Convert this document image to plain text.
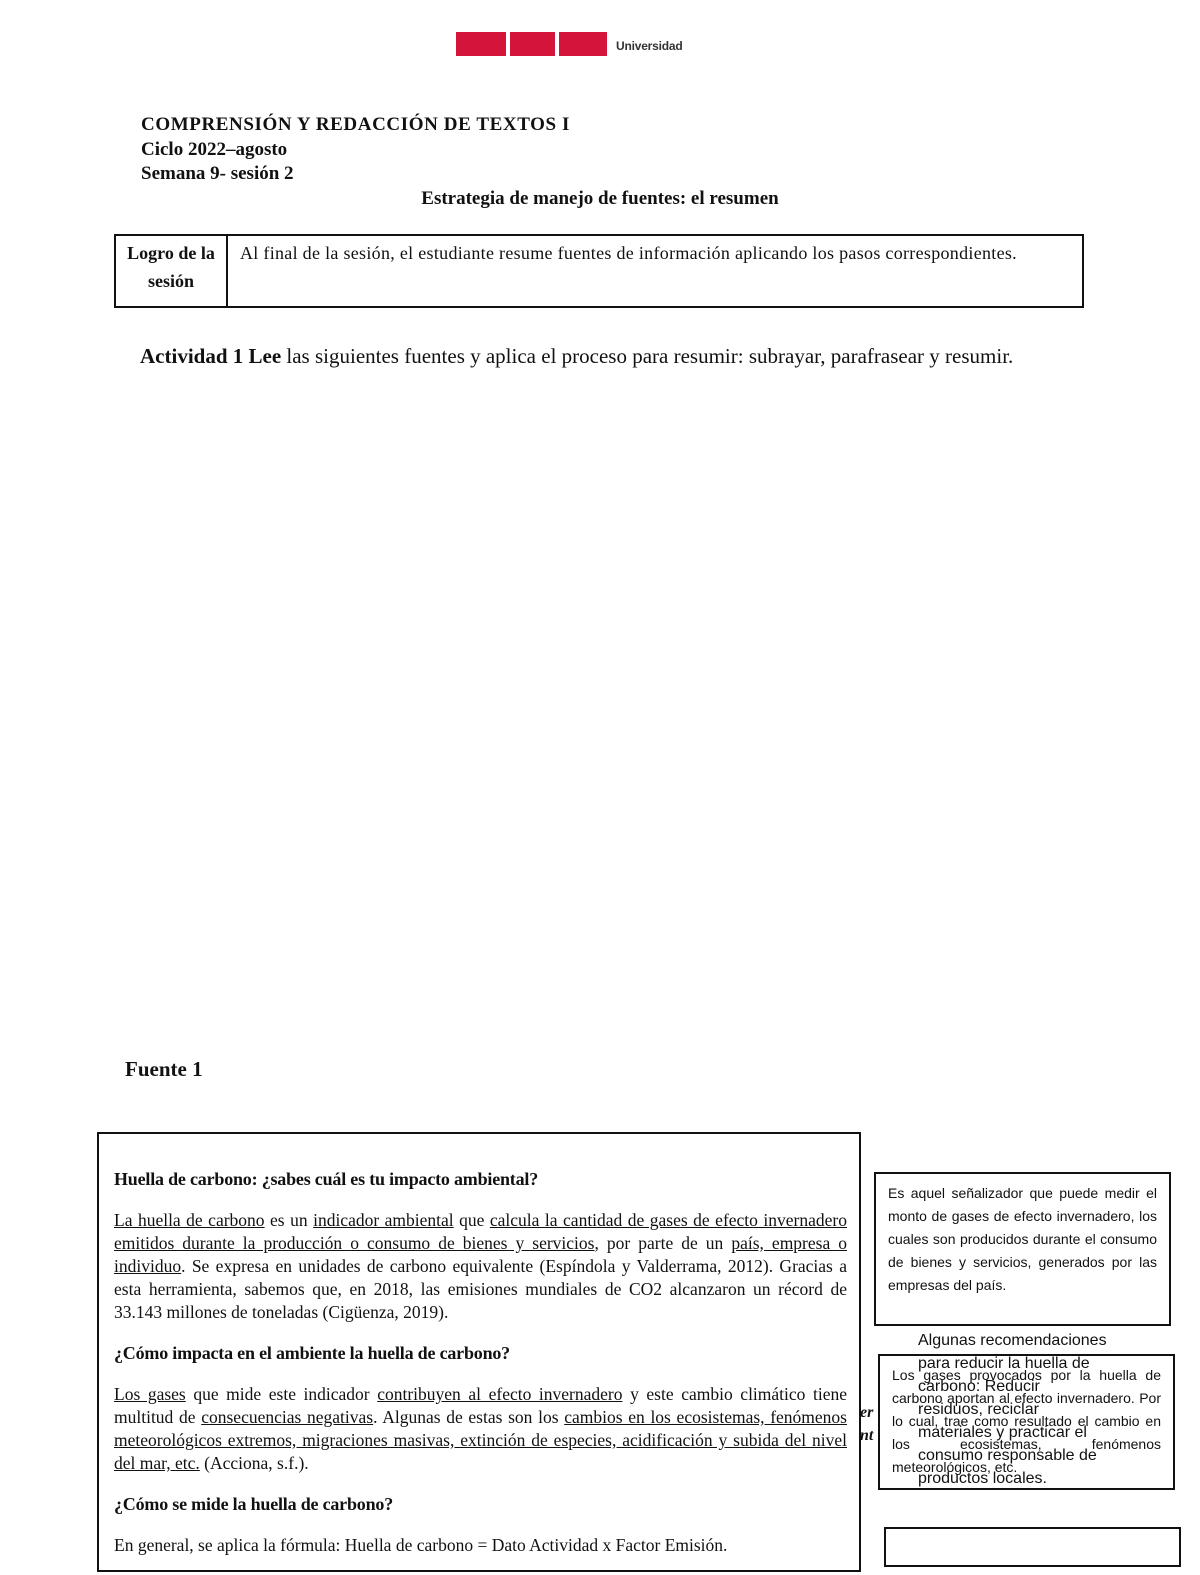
Universidad
COMPRENSIÓN Y REDACCIÓN DE TEXTOS I
Ciclo 2022–agosto
Semana 9- sesión 2
Estrategia de manejo de fuentes: el resumen
Logro de la sesión
Al final de la sesión, el estudiante resume fuentes de información aplicando los pasos correspondientes.
Actividad 1 Lee las siguientes fuentes y aplica el proceso para resumir: subrayar, parafrasear y resumir.
Fuente 1
Huella de carbono: ¿sabes cuál es tu impacto ambiental?

La huella de carbono es un indicador ambiental que calcula la cantidad de gases de efecto invernadero emitidos durante la producción o consumo de bienes y servicios, por parte de un país, empresa o individuo. Se expresa en unidades de carbono equivalente (Espíndola y Valderrama, 2012). Gracias a esta herramienta, sabemos que, en 2018, las emisiones mundiales de CO2 alcanzaron un récord de 33.143 millones de toneladas (Cigüenza, 2019).

¿Cómo impacta en el ambiente la huella de carbono?

Los gases que mide este indicador contribuyen al efecto invernadero y este cambio climático tiene multitud de consecuencias negativas. Algunas de estas son los cambios en los ecosistemas, fenómenos meteorológicos extremos, migraciones masivas, extinción de especies, acidificación y subida del nivel del mar, etc. (Acciona, s.f.).

¿Cómo se mide la huella de carbono?

En general, se aplica la fórmula: Huella de carbono = Dato Actividad x Factor Emisión.

Es aquel señalizador que puede medir el monto de gases de efecto invernadero, los cuales son producidos durante el consumo de bienes y servicios, generados por las empresas del país.
Los gases provocados por la huella de carbono aportan al efecto invernadero. Por lo cual, trae como resultado el cambio en los ecosistemas, fenómenos meteorológicos, etc.
Algunas recomendaciones para reducir la huella de carbono: Reducir residuos, reciclar materiales y practicar el consumo responsable de productos locales.
er
nt
